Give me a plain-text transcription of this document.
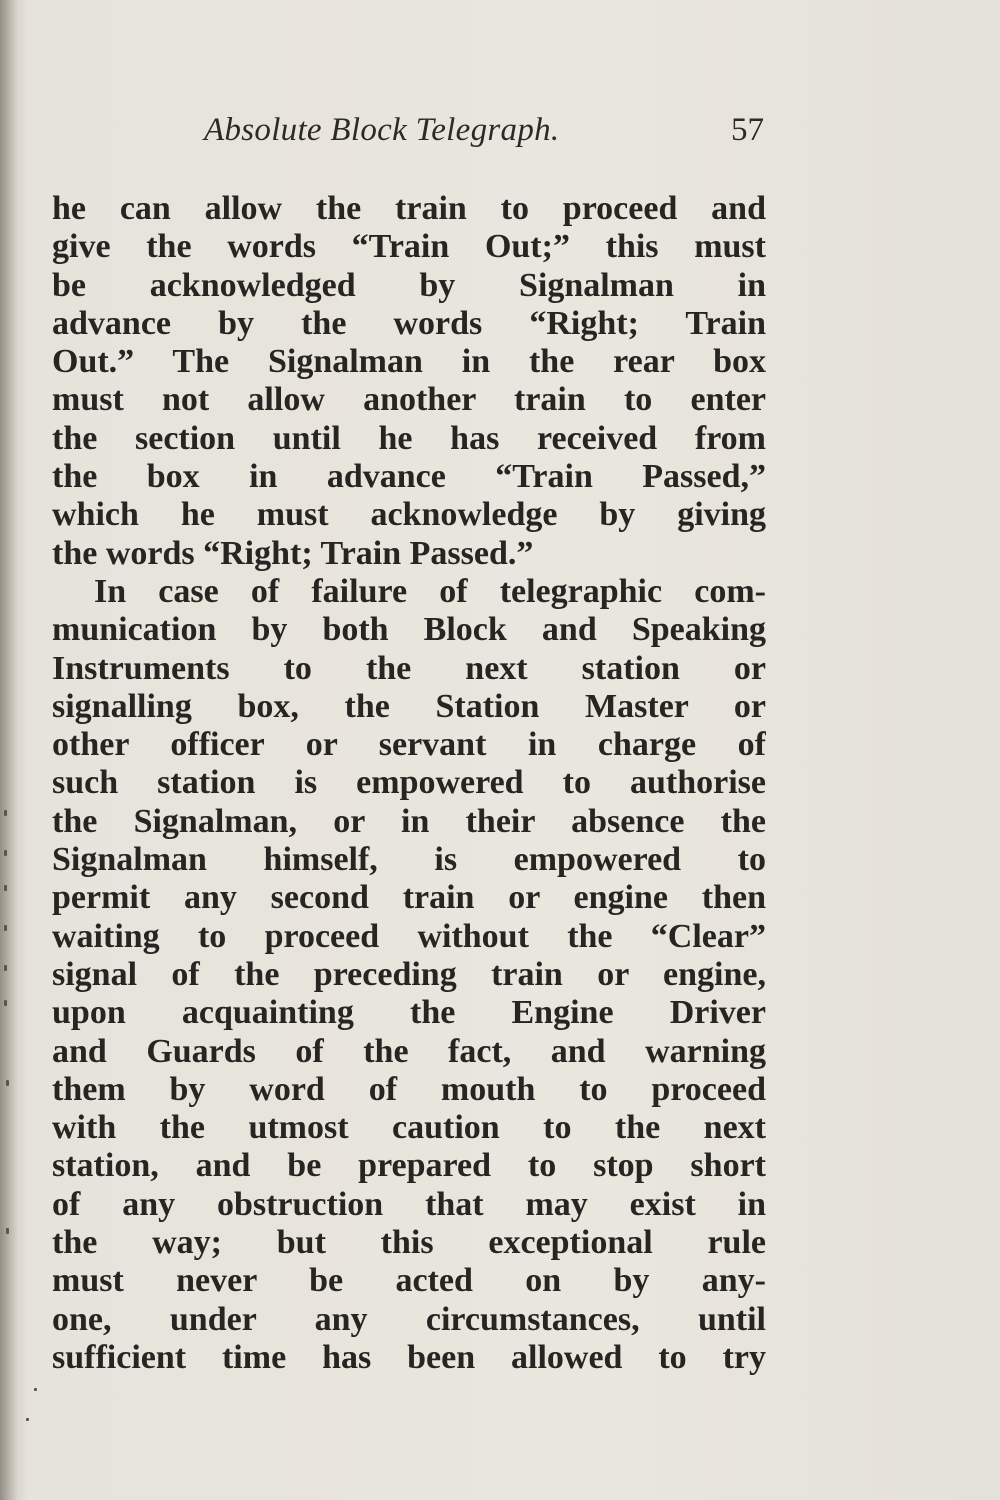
Absolute Block Telegraph.	57
he can allow the train to proceed and
give the words “Train Out;” this must
be acknowledged by Signalman in
advance by the words “Right; Train
Out.” The Signalman in the rear box
must not allow another train to enter
the section until he has received from
the box in advance “Train Passed,”
which he must acknowledge by giving
the words “Right; Train Passed.”
In case of failure of telegraphic com-
munication by both Block and Speaking
Instruments to the next station or
signalling box, the Station Master or
other officer or servant in charge of
such station is empowered to authorise
the Signalman, or in their absence the
Signalman himself, is empowered to
permit any second train or engine then
waiting to proceed without the “Clear”
signal of the preceding train or engine,
upon acquainting the Engine Driver
and Guards of the fact, and warning
them by word of mouth to proceed
with the utmost caution to the next
station, and be prepared to stop short
of any obstruction that may exist in
the way; but this exceptional rule
must never be acted on by any-
one, under any circumstances, until
sufficient time has been allowed to try
